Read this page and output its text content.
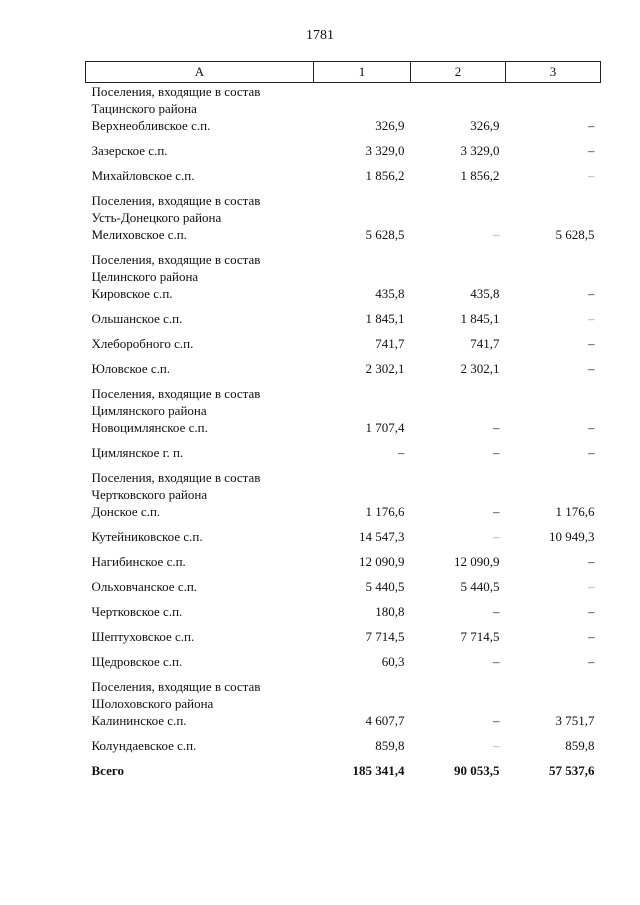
1781
А	1	2	3

Поселения, входящие в состав
Тацинского района			

Верхнеобливское с.п.	326,9	326,9	–
Зазерское с.п.	3 329,0	3 329,0	–
Михайловское с.п.	1 856,2	1 856,2	–

Поселения, входящие в состав
Усть-Донецкого района			

Мелиховское с.п.	5 628,5	–	5 628,5

Поселения, входящие в состав
Целинского района			

Кировское с.п.	435,8	435,8	–
Ольшанское с.п.	1 845,1	1 845,1	–
Хлеборобного с.п.	741,7	741,7	–
Юловское с.п.	2 302,1	2 302,1	–

Поселения, входящие в состав
Цимлянского района			

Новоцимлянское с.п.	1 707,4	–	–
Цимлянское г. п.	–	–	–

Поселения, входящие в состав
Чертковского района			

Донское с.п.	1 176,6	–	1 176,6
Кутейниковское с.п.	14 547,3	–	10 949,3
Нагибинское с.п.	12 090,9	12 090,9	–
Ольховчанское с.п.	5 440,5	5 440,5	–
Чертковское с.п.	180,8	–	–
Шептуховское с.п.	7 714,5	7 714,5	–
Щедровское с.п.	60,3	–	–

Поселения, входящие в состав
Шолоховского района			

Калининское с.п.	4 607,7	–	3 751,7
Колундаевское с.п.	859,8	–	859,8
Всего	185 341,4	90 053,5	57 537,6
